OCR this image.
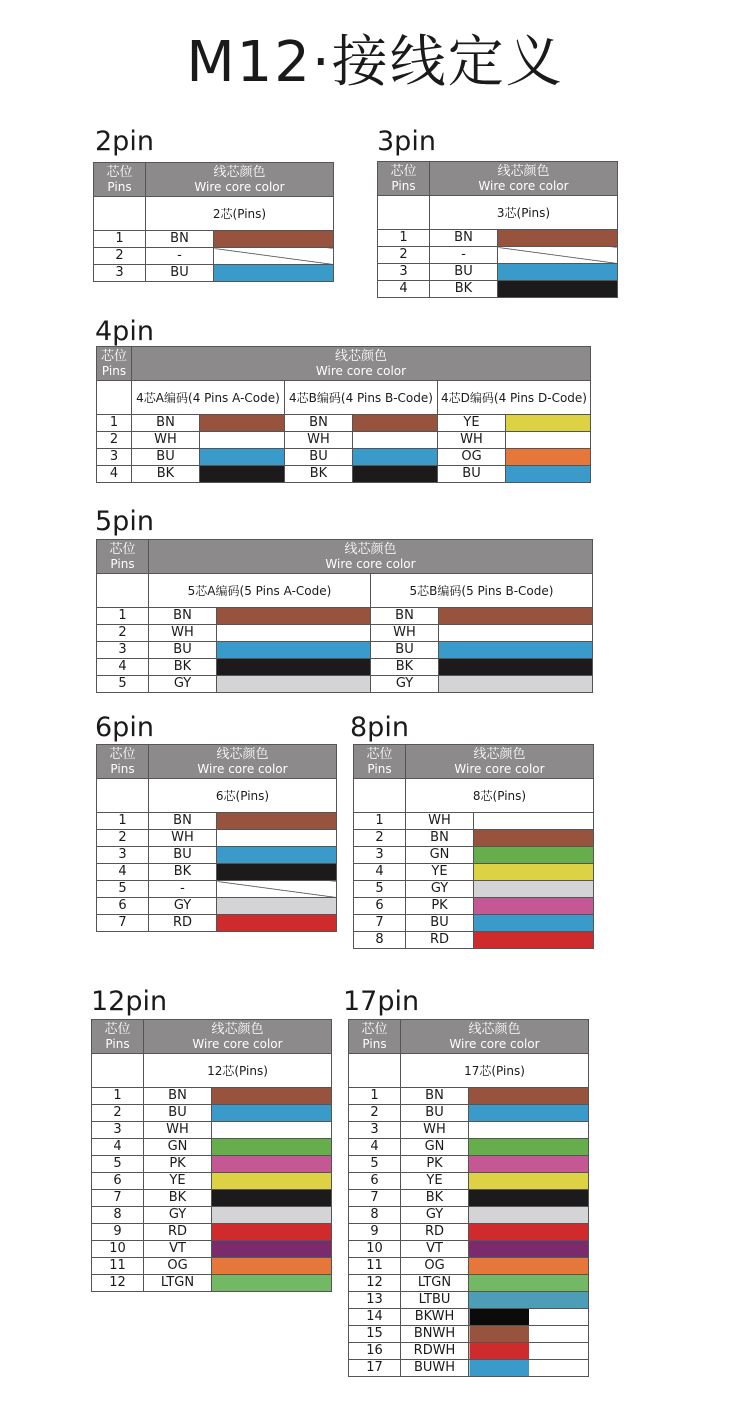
M12·接线定义
2pin
芯位
Pins	线芯颜色
Wire core color	

	2芯(Pins)	
1	BN	
2	-	
3	BU	
3pin
芯位
Pins	线芯颜色
Wire core color	

	3芯(Pins)	
1	BN	
2	-	
3	BU	
4	BK	
4pin
芯位
Pins	线芯颜色
Wire core color					

	4芯A编码(4 Pins A-Code)		4芯B编码(4 Pins B-Code)		4芯D编码(4 Pins D-Code)	
1	BN		BN		YE	
2	WH		WH		WH	
3	BU		BU		OG	
4	BK		BK		BU	
5pin
芯位
Pins	线芯颜色
Wire core color			

	5芯A编码(5 Pins A-Code)		5芯B编码(5 Pins B-Code)	
1	BN		BN	
2	WH		WH	
3	BU		BU	
4	BK		BK	
5	GY		GY	
6pin
芯位
Pins	线芯颜色
Wire core color	

	6芯(Pins)	
1	BN	
2	WH	
3	BU	
4	BK	
5	-	
6	GY	
7	RD	
8pin
芯位
Pins	线芯颜色
Wire core color	

	8芯(Pins)	
1	WH	
2	BN	
3	GN	
4	YE	
5	GY	
6	PK	
7	BU	
8	RD	
12pin
芯位
Pins	线芯颜色
Wire core color	

	12芯(Pins)	
1	BN	
2	BU	
3	WH	
4	GN	
5	PK	
6	YE	
7	BK	
8	GY	
9	RD	
10	VT	
11	OG	
12	LTGN	
17pin
芯位
Pins	线芯颜色
Wire core color	

	17芯(Pins)	
1	BN	
2	BU	
3	WH	
4	GN	
5	PK	
6	YE	
7	BK	
8	GY	
9	RD	
10	VT	
11	OG	
12	LTGN	
13	LTBU	
14	BKWH	
15	BNWH	
16	RDWH	
17	BUWH	
